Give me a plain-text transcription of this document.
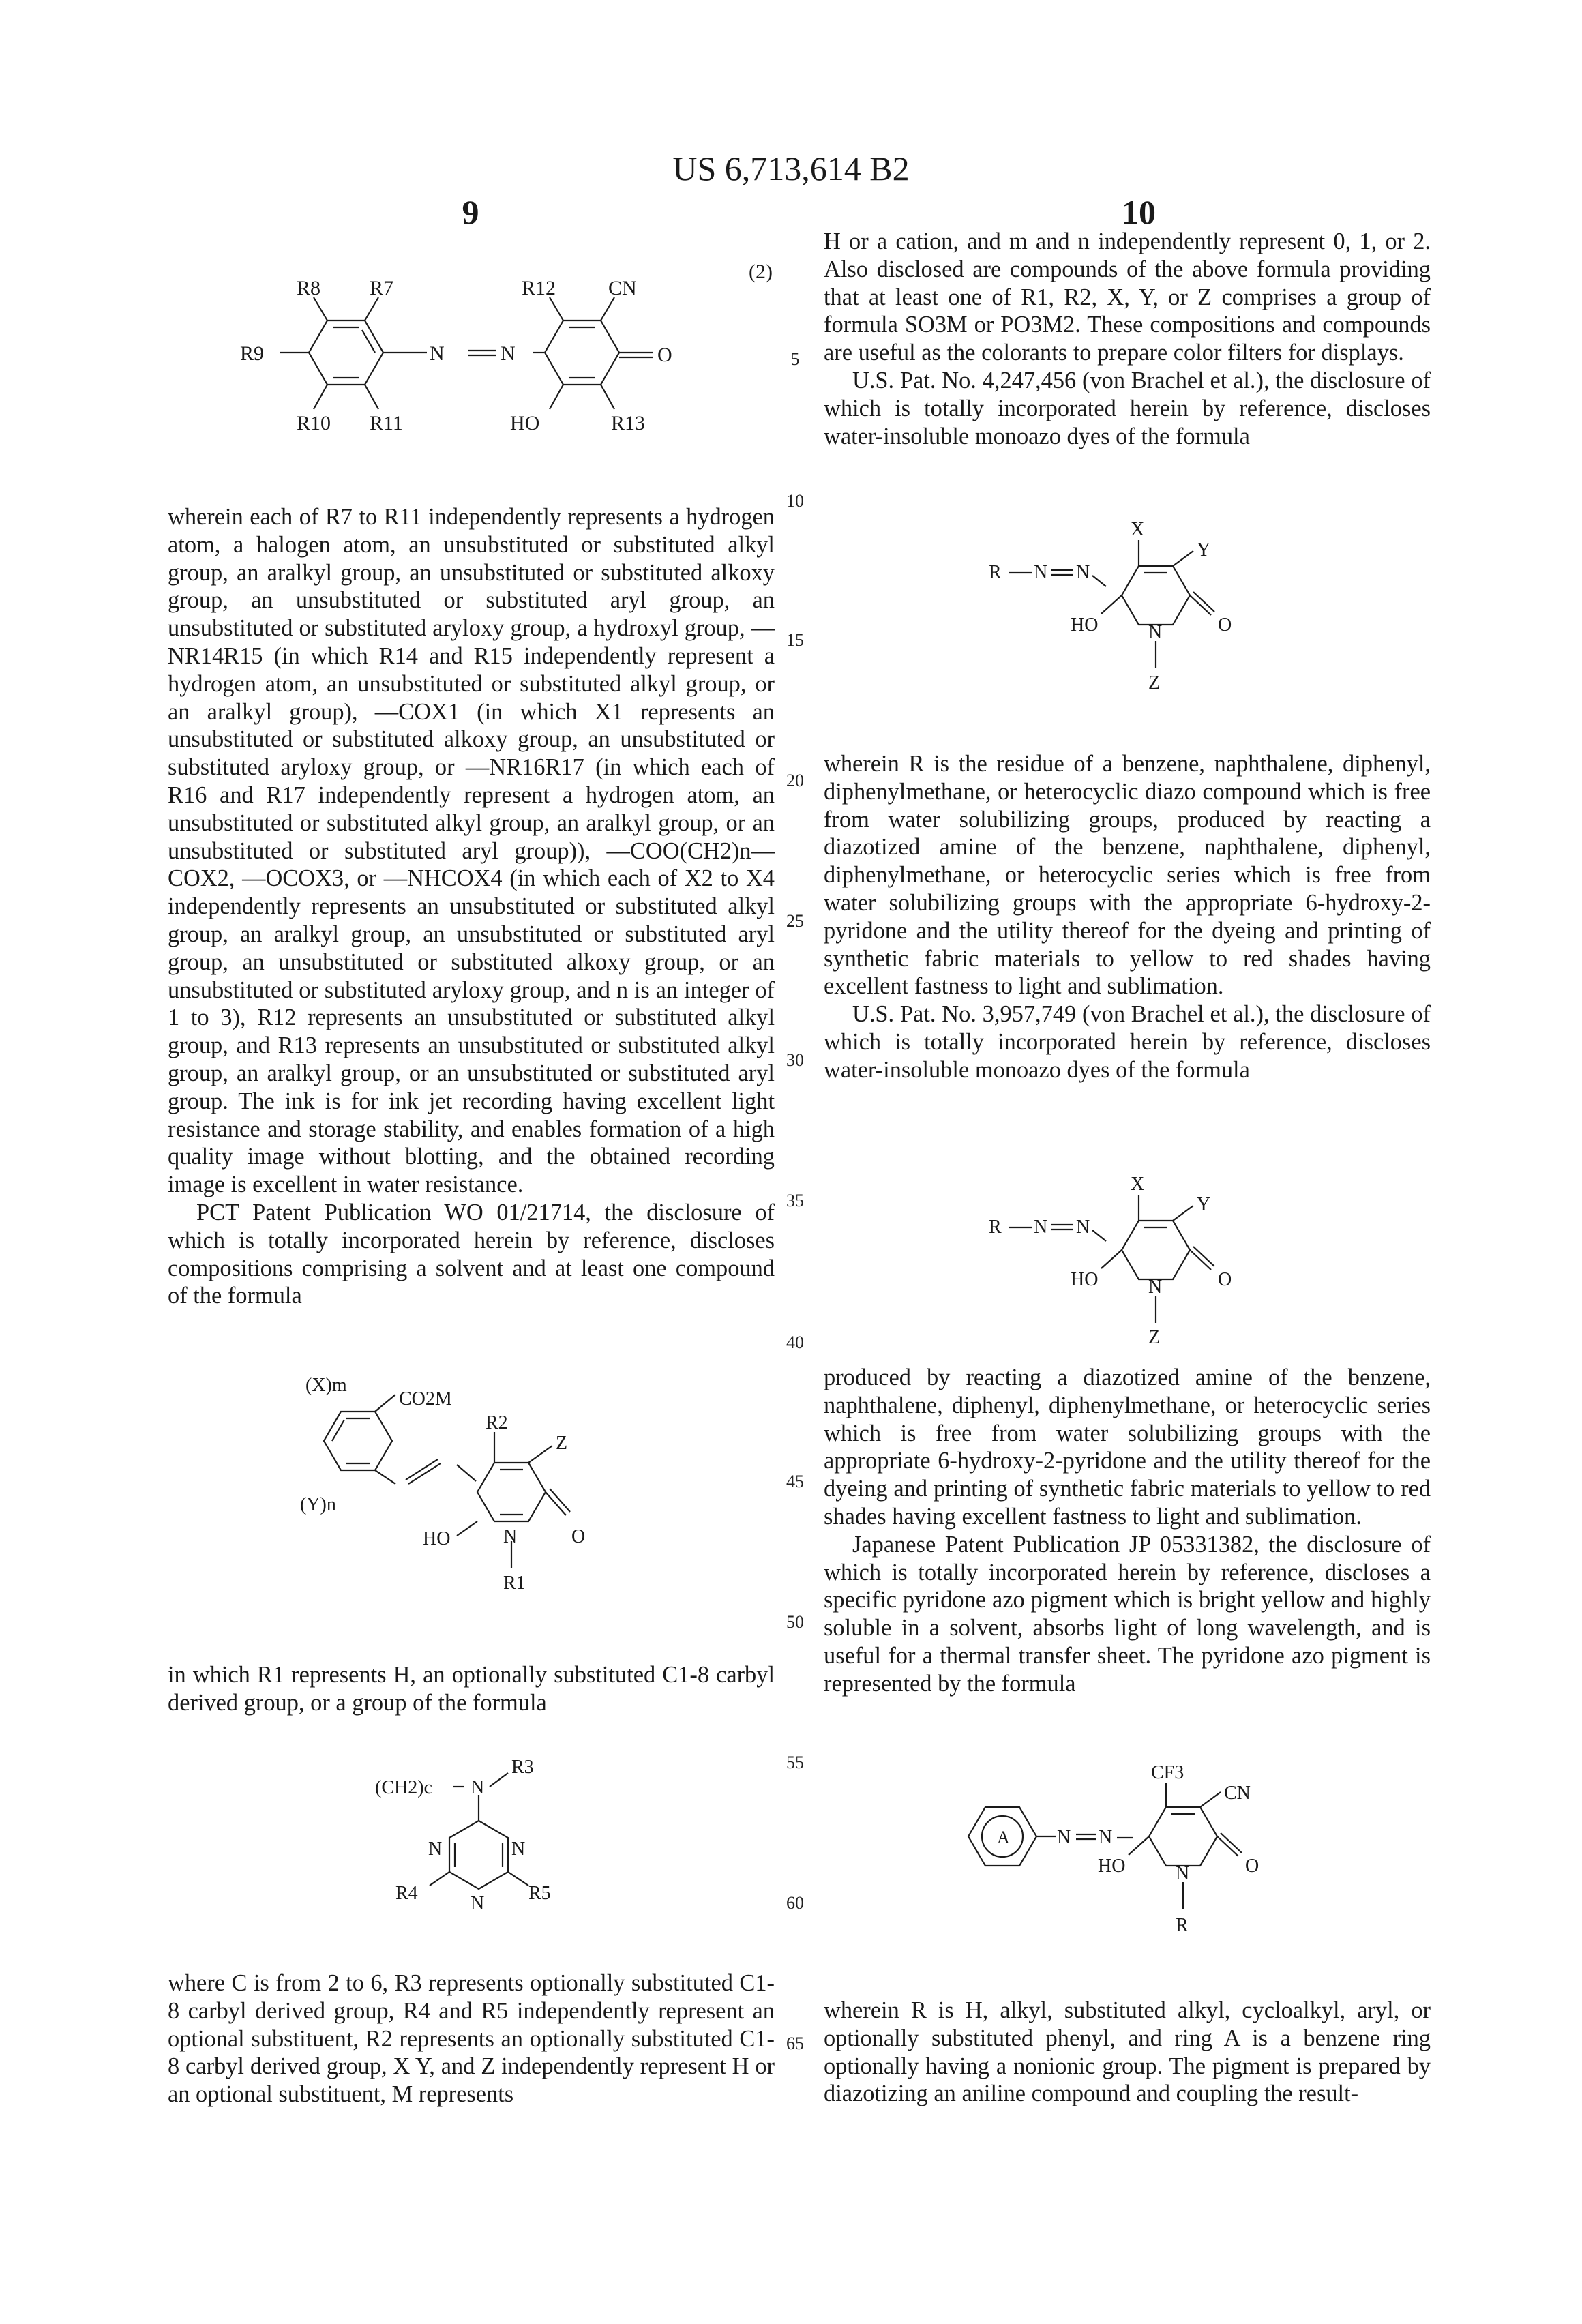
US 6,713,614 B2
9	10
5
10
15
20
25
30
35
40
45
50
55
60
65
(2)
R8 R7
R9
R10 R11
N	N
R12	CN
O
HO	R13

wherein each of R7 to R11 independently represents a hydrogen atom, a halogen atom, an unsubstituted or substituted alkyl group, an aralkyl group, an unsubstituted or substituted alkoxy group, an unsubstituted or substituted aryl group, an unsubstituted or substituted aryloxy group, a hydroxyl group, —NR14R15 (in which R14 and R15 independently represent a hydrogen atom, an unsubstituted or substituted alkyl group, or an aralkyl group), —COX1 (in which X1 represents an unsubstituted or substituted alkoxy group, an unsubstituted or substituted aryloxy group, or —NR16R17 (in which each of R16 and R17 independently represent a hydrogen atom, an unsubstituted or substituted alkyl group, an aralkyl group, or an unsubstituted or substituted aryl group)), —COO(CH2)n—COX2, —OCOX3, or —NHCOX4 (in which each of X2 to X4 independently represents an unsubstituted or substituted alkyl group, an aralkyl group, an unsubstituted or substituted aryl group, an unsubstituted or substituted alkoxy group, or an unsubstituted or substituted aryloxy group, and n is an integer of 1 to 3), R12 represents an unsubstituted or substituted alkyl group, and R13 represents an unsubstituted or substituted alkyl group, an aralkyl group, or an unsubstituted or substituted aryl group. The ink is for ink jet recording having excellent light resistance and storage stability, and enables formation of a high quality image without blotting, and the obtained recording image is excellent in water resistance.

PCT Patent Publication WO 01/21714, the disclosure of which is totally incorporated herein by reference, discloses compositions comprising a solvent and at least one compound of the formula

(X)m
CO2M
(Y)n
R2
Z
HO	N	O
R1

in which R1 represents H, an optionally substituted C1-8 carbyl derived group, or a group of the formula

(CH2)c N
R3
N	N
N
R4	R5

where C is from 2 to 6, R3 represents optionally substituted C1-8 carbyl derived group, R4 and R5 independently represent an optional substituent, R2 represents an optionally substituted C1-8 carbyl derived group, X Y, and Z independently represent H or an optional substituent, M represents

H or a cation, and m and n independently represent 0, 1, or 2. Also disclosed are compounds of the above formula providing that at least one of R1, R2, X, Y, or Z comprises a group of formula SO3M or PO3M2. These compositions and compounds are useful as the colorants to prepare color filters for displays.

U.S. Pat. No. 4,247,456 (von Brachel et al.), the disclosure of which is totally incorporated herein by reference, discloses water-insoluble monoazo dyes of the formula

R N N
X
Y
HO	N	O
Z

wherein R is the residue of a benzene, naphthalene, diphenyl, diphenylmethane, or heterocyclic diazo compound which is free from water solubilizing groups, produced by reacting a diazotized amine of the benzene, naphthalene, diphenyl, diphenylmethane, or heterocyclic series which is free from water solubilizing groups with the appropriate 6-hydroxy-2-pyridone and the utility thereof for the dyeing and printing of synthetic fabric materials to yellow to red shades having excellent fastness to light and sublimation.

U.S. Pat. No. 3,957,749 (von Brachel et al.), the disclosure of which is totally incorporated herein by reference, discloses water-insoluble monoazo dyes of the formula

R N N
X
Y
HO	N	O
Z

produced by reacting a diazotized amine of the benzene, naphthalene, diphenyl, diphenylmethane, or heterocyclic series which is free from water solubilizing groups with the appropriate 6-hydroxy-2-pyridone and the utility thereof for the dyeing and printing of synthetic fabric materials to yellow to red shades having excellent fastness to light and sublimation.

Japanese Patent Publication JP 05331382, the disclosure of which is totally incorporated herein by reference, discloses a specific pyridone azo pigment which is bright yellow and highly soluble in a solvent, absorbs light of long wavelength, and is useful for a thermal transfer sheet. The pyridone azo pigment is represented by the formula

A N N
CF3
CN
HO	N	O
R

wherein R is H, alkyl, substituted alkyl, cycloalkyl, aryl, or optionally substituted phenyl, and ring A is a benzene ring optionally having a nonionic group. The pigment is prepared by diazotizing an aniline compound and coupling the result-
